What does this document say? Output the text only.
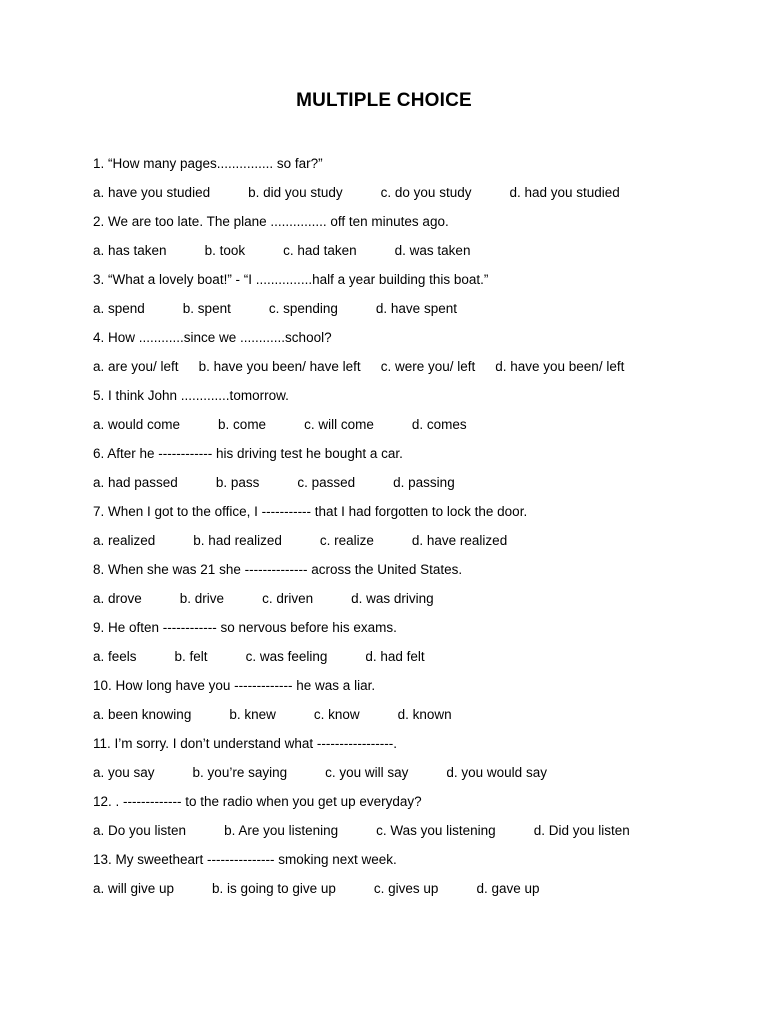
MULTIPLE CHOICE
1. “How many pages............... so far?”
a. have you studied	b. did you study	c. do you study	d. had you studied
2. We are too late. The plane ............... off ten minutes ago.
a. has taken	b. took	c. had taken	d. was taken
3. “What a lovely boat!” - “I ...............half a year building this boat.”
a. spend	b. spent	c. spending	d. have spent
4. How ............since we ............school?
a. are you/ left b. have you been/ have left c. were you/ left d. have you been/ left
5. I think John .............tomorrow.
a. would come	b. come	c. will come	d. comes
6. After he ------------ his driving test he bought a car.
a. had passed	b. pass	c. passed	d. passing
7. When I got to the office, I ----------- that I had forgotten to lock the door.
a. realized	b. had realized	c. realize	d. have realized
8. When she was 21 she -------------- across the United States.
a. drove	b. drive	c. driven	d. was driving
9. He often ------------ so nervous before his exams.
a. feels	b. felt	c. was feeling	d. had felt
10. How long have you ------------- he was a liar.
a. been knowing	b. knew	c. know	d. known
11. I’m sorry. I don’t understand what -----------------.
a. you say	b. you’re saying	c. you will say	d. you would say
12. . ------------- to the radio when you get up everyday?
a. Do you listen	b. Are you listening	c. Was you listening	d. Did you listen
13. My sweetheart --------------- smoking next week.
a. will give up	b. is going to give up	c. gives up	d. gave up
